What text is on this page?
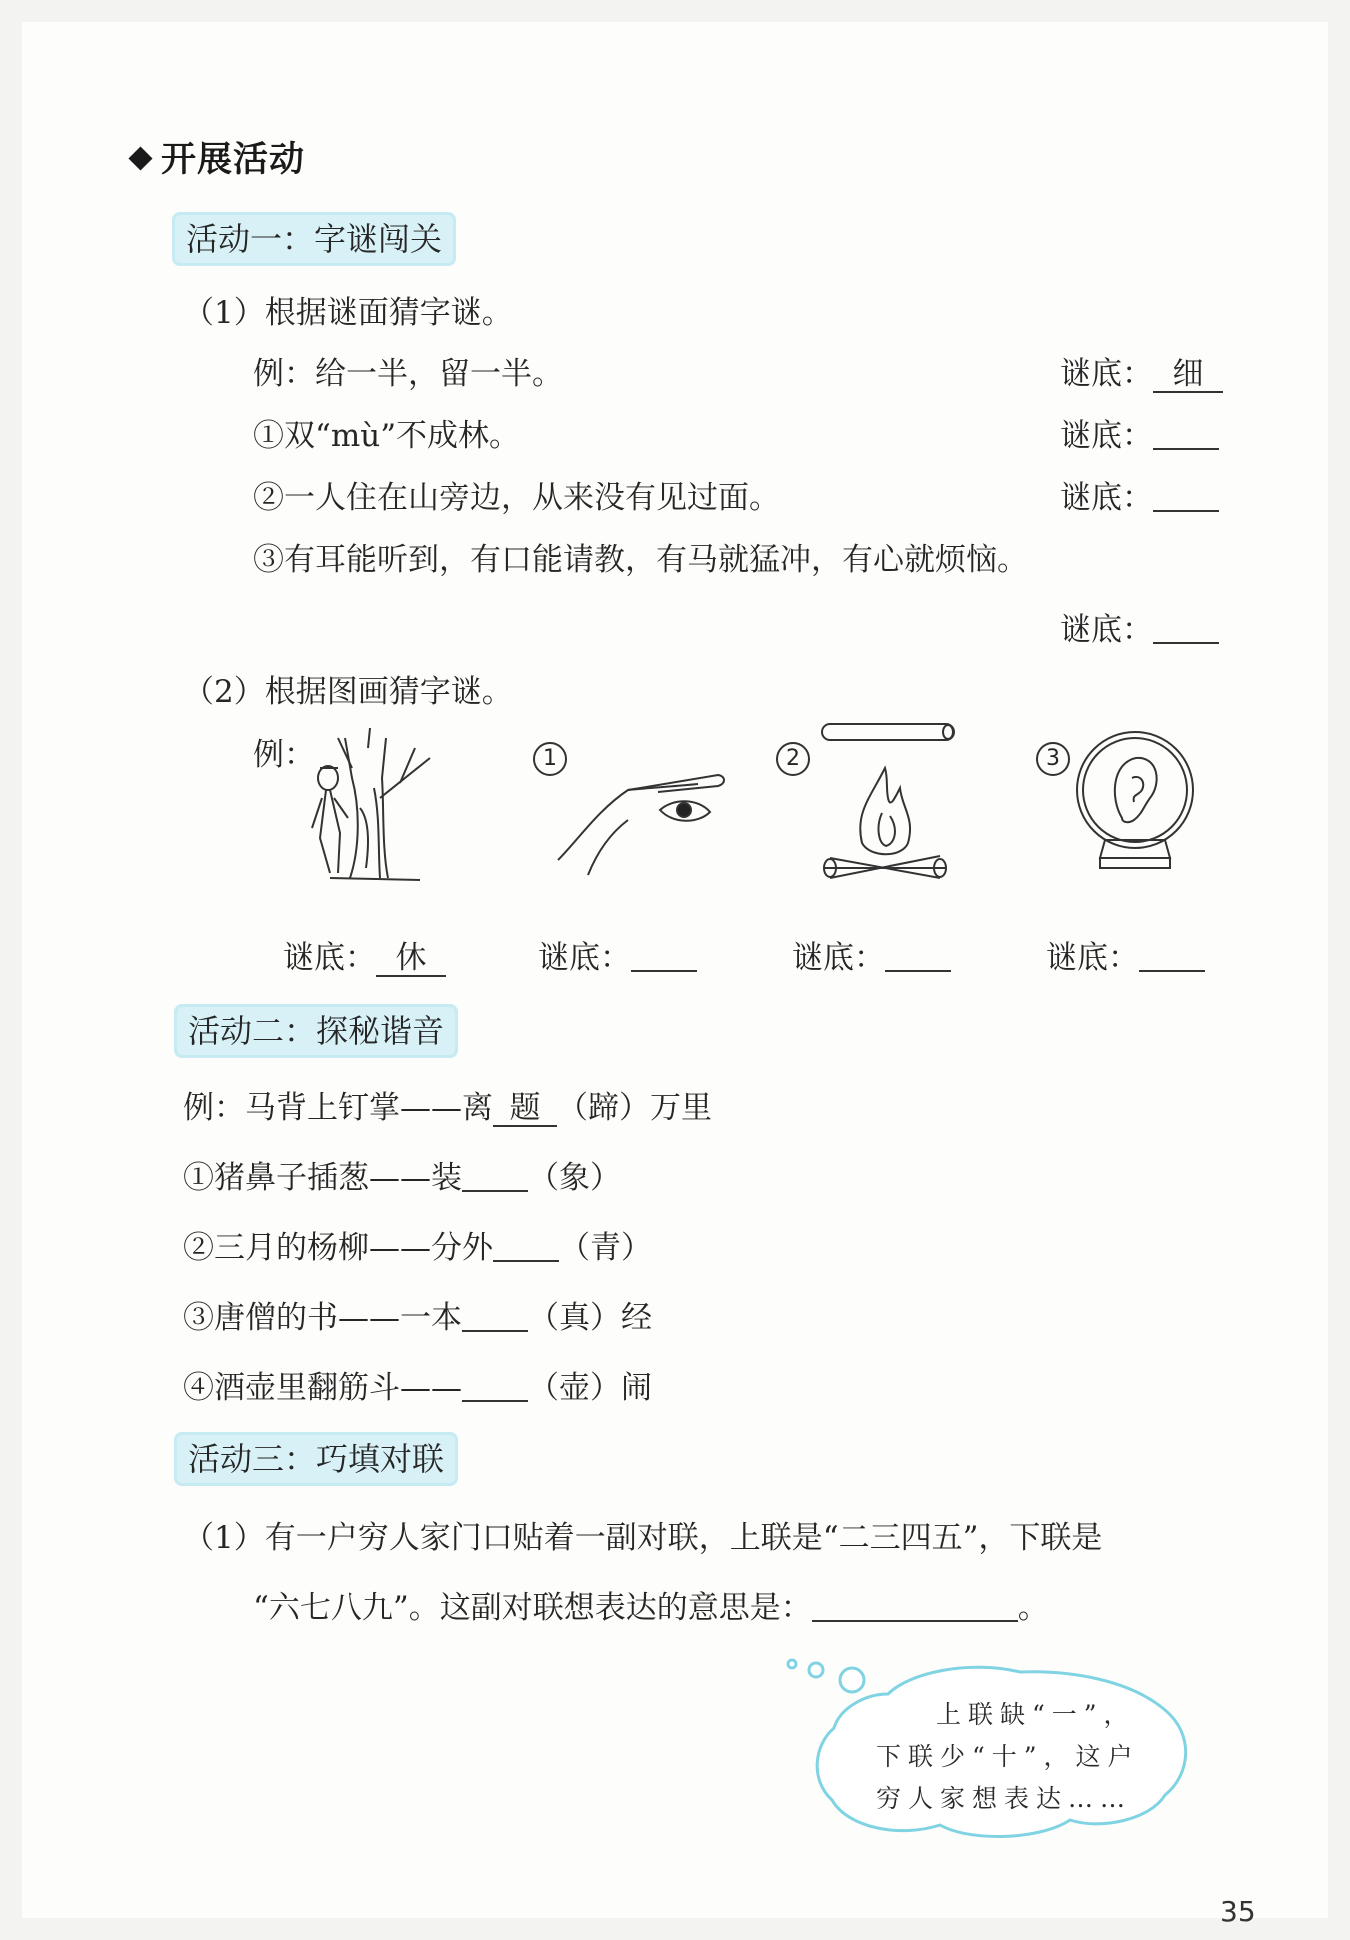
开展活动
活动一：字谜闯关
（1）根据谜面猜字谜。
例：给一半，留一半。	谜底： 细
①双“mù”不成林。	谜底：
②一人住在山旁边，从来没有见过面。	谜底：
③有耳能听到，有口能请教，有马就猛冲，有心就烦恼。
谜底：
（2）根据图画猜字谜。
例：	1	2	3
谜底： 休	谜底：	谜底：	谜底：
活动二：探秘谐音
例：马背上钉掌——离 题 （蹄）万里
①猪鼻子插葱——装 （象）
②三月的杨柳——分外 （青）
③唐僧的书——一本 （真）经
④酒壶里翻筋斗—— （壶）闹
活动三：巧填对联
（1）有一户穷人家门口贴着一副对联，上联是“二三四五”，下联是
“六七八九”。这副对联想表达的意思是：	。
上联缺“一”，
下联少“十”，这户
穷人家想表达……
35
